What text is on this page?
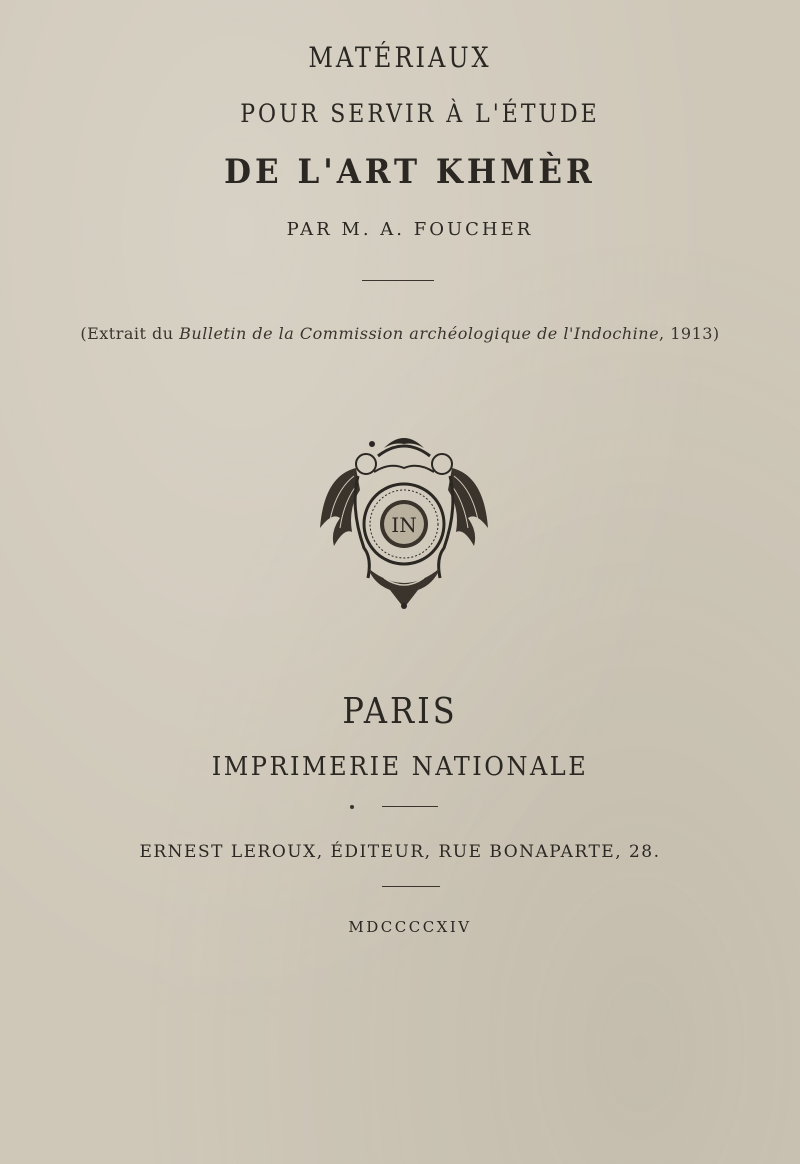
MATÉRIAUX
POUR SERVIR À L'ÉTUDE
DE L'ART KHMÈR
PAR M. A. FOUCHER
(Extrait du Bulletin de la Commission archéologique de l'Indochine, 1913)
IN
PARIS
IMPRIMERIE NATIONALE
ERNEST LEROUX, ÉDITEUR, RUE BONAPARTE, 28.
MDCCCCXIV
